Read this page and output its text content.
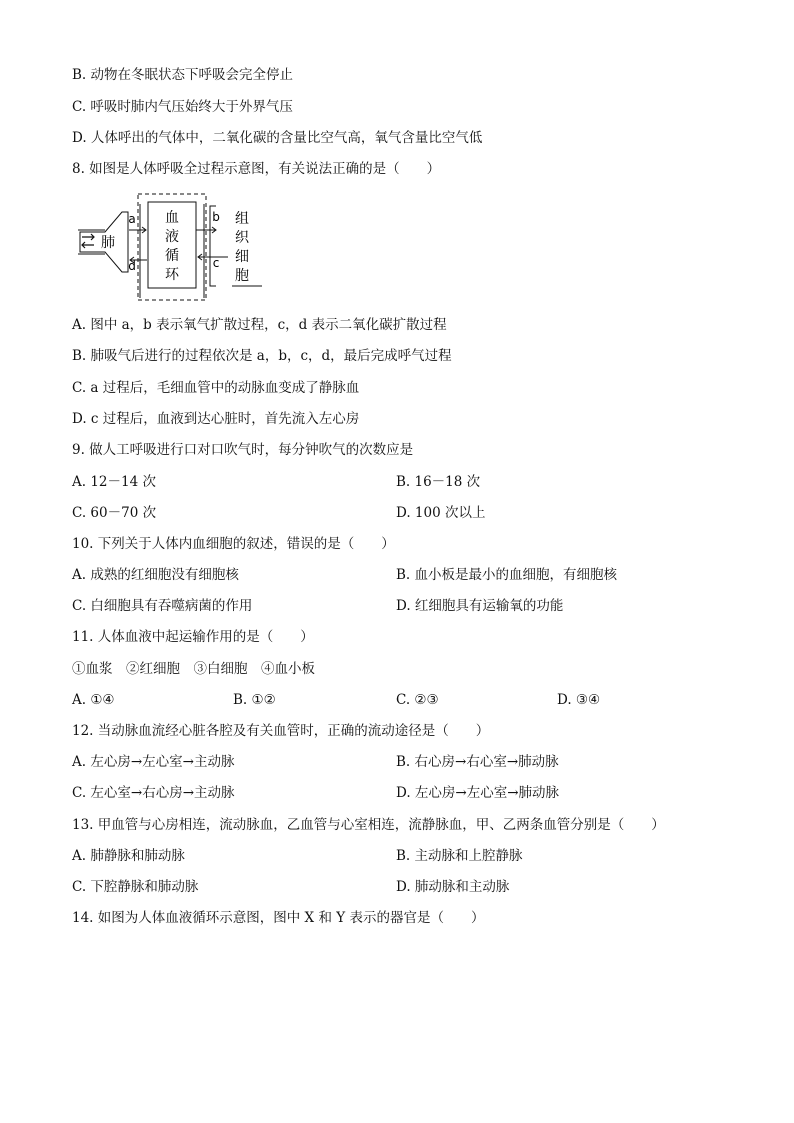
B. 动物在冬眠状态下呼吸会完全停止
C. 呼吸时肺内气压始终大于外界气压
D. 人体呼出的气体中，二氧化碳的含量比空气高，氧气含量比空气低
8. 如图是人体呼吸全过程示意图，有关说法正确的是（　　）
血
液
循
环
肺
a
d
组
织
细
胞
b
c
A. 图中 a，b 表示氧气扩散过程，c，d 表示二氧化碳扩散过程
B. 肺吸气后进行的过程依次是 a，b，c，d，最后完成呼气过程
C. a 过程后，毛细血管中的动脉血变成了静脉血
D. c 过程后，血液到达心脏时，首先流入左心房
9. 做人工呼吸进行口对口吹气时，每分钟吹气的次数应是
A. 12－14 次	B. 16－18 次
C. 60－70 次	D. 100 次以上
10. 下列关于人体内血细胞的叙述，错误的是（　　）
A. 成熟的红细胞没有细胞核	B. 血小板是最小的血细胞，有细胞核
C. 白细胞具有吞噬病菌的作用	D. 红细胞具有运输氧的功能
11. 人体血液中起运输作用的是（　　）
①血浆　②红细胞　③白细胞　④血小板
A. ①④	B. ①②	C. ②③	D. ③④
12. 当动脉血流经心脏各腔及有关血管时，正确的流动途径是（　　）
A. 左心房→左心室→主动脉	B. 右心房→右心室→肺动脉
C. 左心室→右心房→主动脉	D. 左心房→左心室→肺动脉
13. 甲血管与心房相连，流动脉血，乙血管与心室相连，流静脉血，甲、乙两条血管分别是（　　）
A. 肺静脉和肺动脉	B. 主动脉和上腔静脉
C. 下腔静脉和肺动脉	D. 肺动脉和主动脉
14. 如图为人体血液循环示意图，图中 X 和 Y 表示的器官是（　　）
